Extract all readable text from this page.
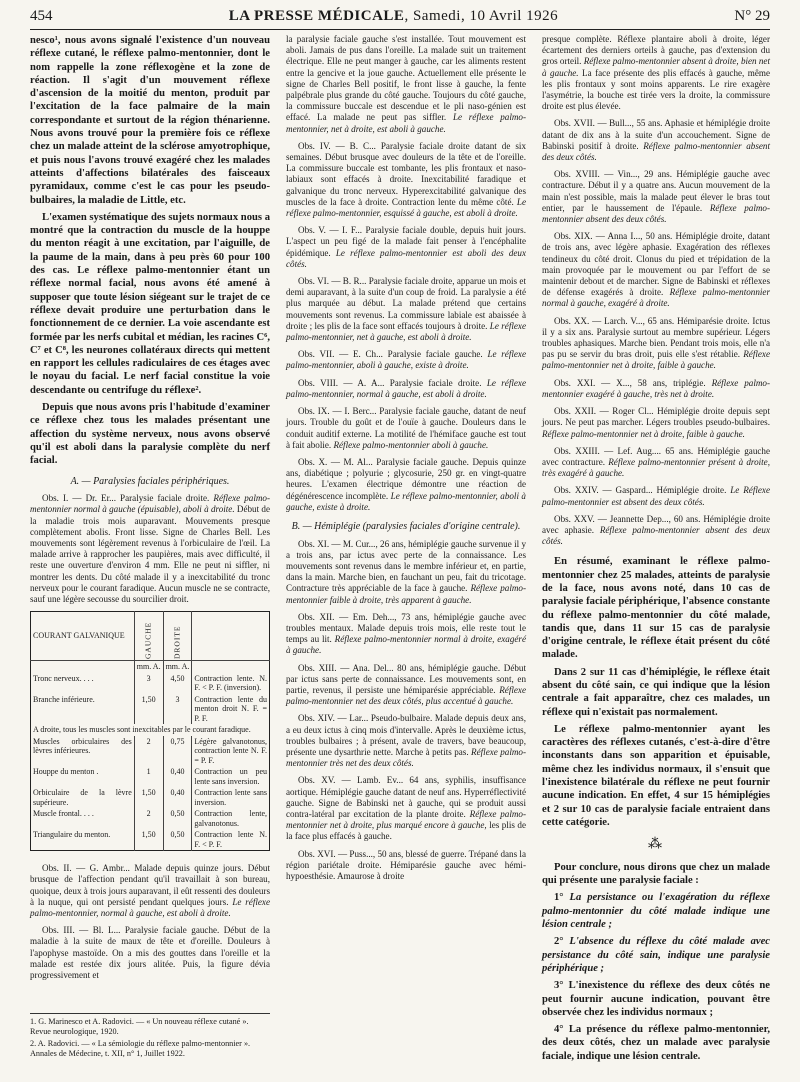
454	LA PRESSE MÉDICALE, Samedi, 10 Avril 1926	N° 29

nesco¹, nous avons signalé l'existence d'un nouveau réflexe cutané, le réflexe palmo-mentonnier, dont le nom rappelle la zone réflexogène et la zone de réaction. Il s'agit d'un mouvement réflexe d'ascension de la moitié du menton, produit par l'excitation de la face palmaire de la main correspondante et surtout de la région thénarienne. Nous avons trouvé pour la première fois ce réflexe chez un malade atteint de la sclérose amyotrophique, et puis nous l'avons trouvé exagéré chez les malades atteints d'affections bilatérales des faisceaux pyramidaux, comme c'est le cas pour les pseudo-bulbaires, la maladie de Little, etc.

L'examen systématique des sujets normaux nous a montré que la contraction du muscle de la houppe du menton réagit à une excitation, par l'aiguille, de la paume de la main, dans à peu près 60 pour 100 des cas. Le réflexe palmo-mentonnier étant un réflexe normal facial, nous avons été amené à supposer que toute lésion siégeant sur le trajet de ce réflexe devait produire une perturbation dans le fonctionnement de ce dernier. La voie ascendante est formée par les nerfs cubital et médian, les racines C⁶, C⁷ et C⁸, les neurones collatéraux directs qui mettent en rapport les cellules radiculaires de ces étages avec le noyau du facial. Le nerf facial constitue la voie descendante ou centrifuge du réflexe².

Depuis que nous avons pris l'habitude d'examiner ce réflexe chez tous les malades présentant une affection du système nerveux, nous avons observé qu'il est aboli dans la paralysie complète du nerf facial.

A. — Paralysies faciales périphériques.

Obs. I. — Dr. Er... Paralysie faciale droite. Réflexe palmo-mentonnier normal à gauche (épuisable), aboli à droite. Début de la maladie trois mois auparavant. Mouvements presque complètement abolis. Front lisse. Signe de Charles Bell. Les mouvements sont légèrement revenus à l'orbiculaire de l'œil. La malade arrive à rapprocher les paupières, mais avec difficulté, il reste une ouverture d'environ 4 mm. Elle ne peut ni siffler, ni montrer les dents. Du côté malade il y a inexcitabilité du tronc nerveux pour le courant faradique. Aucun muscle ne se contracte, sauf une légère secousse du sourcilier droit.

COURANT GALVANIQUE	GAUCHE	DROITE	
	mm. A.	mm. A.	
Tronc nerveux. . . .	3	4,50	Contraction lente. N. F. < P. F. (inversion).
Branche inférieure.	1,50	3	Contraction lente du menton droit N. F. = P. F.
A droite, tous les muscles sont inexcitables par le courant faradique.			
Muscles orbiculaires des lèvres inférieures.	2	0,75	Légère galvanotonus, contraction lente N. F. = P. F.
Houppe du menton .	1	0,40	Contraction un peu lente sans inversion.
Orbiculaire de la lèvre supérieure.	1,50	0,40	Contraction lente sans inversion.
Muscle frontal. . . .	2	0,50	Contraction lente, galvanotonus.
Triangulaire du menton.	1,50	0,50	Contraction lente N. F. < P. F.

Obs. II. — G. Ambr... Malade depuis quinze jours. Début brusque de l'affection pendant qu'il travaillait à son bureau, quoique, deux à trois jours auparavant, il eût ressenti des douleurs à la nuque, qui ont persisté pendant quelques jours. Le réflexe palmo-mentonnier, normal à gauche, est aboli à droite.

Obs. III. — Bl. L... Paralysie faciale gauche. Début de la maladie à la suite de maux de tête et d'oreille. Douleurs à l'apophyse mastoïde. On a mis des gouttes dans l'oreille et la malade est restée dix jours alitée. Puis, la figure dévia progressivement et

la paralysie faciale gauche s'est installée. Tout mouvement est aboli. Jamais de pus dans l'oreille. La malade suit un traitement électrique. Elle ne peut manger à gauche, car les aliments restent entre la gencive et la joue gauche. Actuellement elle présente le signe de Charles Bell positif, le front lisse à gauche, la fente palpébrale plus grande du côté gauche. Toujours du côté gauche, la commissure buccale est descendue et le pli naso-génien est effacé. La malade ne peut pas siffler. Le réflexe palmo-mentonnier, net à droite, est aboli à gauche.

Obs. IV. — B. C... Paralysie faciale droite datant de six semaines. Début brusque avec douleurs de la tête et de l'oreille. La commissure buccale est tombante, les plis frontaux et naso-labiaux sont effacés à droite. Inexcitabilité faradique et galvanique du tronc nerveux. Hyperexcitabilité galvanique des muscles de la face à droite. Contraction lente du même côté. Le réflexe palmo-mentonnier, esquissé à gauche, est aboli à droite.

Obs. V. — I. F... Paralysie faciale double, depuis huit jours. L'aspect un peu figé de la malade fait penser à l'encéphalite épidémique. Le réflexe palmo-mentonnier est aboli des deux côtés.

Obs. VI. — B. R... Paralysie faciale droite, apparue un mois et demi auparavant, à la suite d'un coup de froid. La paralysie a été plus marquée au début. La malade prétend que certains mouvements sont revenus. La commissure labiale est abaissée à droite ; les plis de la face sont effacés toujours à droite. Le réflexe palmo-mentonnier, net à gauche, est aboli à droite.

Obs. VII. — E. Ch... Paralysie faciale gauche. Le réflexe palmo-mentonnier, aboli à gauche, existe à droite.

Obs. VIII. — A. A... Paralysie faciale droite. Le réflexe palmo-mentonnier, normal à gauche, est aboli à droite.

Obs. IX. — I. Berc... Paralysie faciale gauche, datant de neuf jours. Trouble du goût et de l'ouïe à gauche. Douleurs dans le conduit auditif externe. La motilité de l'hémiface gauche est tout à fait abolie. Réflexe palmo-mentonnier aboli à gauche.

Obs. X. — M. Al... Paralysie faciale gauche. Depuis quinze ans, diabétique ; polyurie ; glycosurie, 250 gr. en vingt-quatre heures. L'examen électrique démontre une réaction de dégénérescence incomplète. Le réflexe palmo-mentonnier, aboli à gauche, existe à droite.

B. — Hémiplégie (paralysies faciales d'origine centrale).

Obs. XI. — M. Cur..., 26 ans, hémiplégie gauche survenue il y a trois ans, par ictus avec perte de la connaissance. Les mouvements sont revenus dans le membre inférieur et, en partie, dans la main. Marche bien, en fauchant un peu, fait du tricotage. Contracture très appréciable de la face à gauche. Réflexe palmo-mentonnier faible à droite, très apparent à gauche.

Obs. XII. — Em. Deh..., 73 ans, hémiplégie gauche avec troubles mentaux. Malade depuis trois mois, elle reste tout le temps au lit. Réflexe palmo-mentonnier normal à droite, exagéré à gauche.

Obs. XIII. — Ana. Del... 80 ans, hémiplégie gauche. Début par ictus sans perte de connaissance. Les mouvements sont, en partie, revenus, il persiste une hémiparésie appréciable. Réflexe palmo-mentonnier net des deux côtés, plus accentué à gauche.

Obs. XIV. — Lar... Pseudo-bulbaire. Malade depuis deux ans, a eu deux ictus à cinq mois d'intervalle. Après le deuxième ictus, troubles bulbaires ; à présent, avale de travers, bave beaucoup, présente une dysarthrie nette. Marche à petits pas. Réflexe palmo-mentonnier très net des deux côtés.

Obs. XV. — Lamb. Ev... 64 ans, syphilis, insuffisance aortique. Hémiplégie gauche datant de neuf ans. Hyperréflectivité gauche. Signe de Babinski net à gauche, qui se produit aussi contra-latéral par excitation de la plante droite. Réflexe palmo-mentonnier net à droite, plus marqué encore à gauche, les plis de la face plus effacés à gauche.

Obs. XVI. — Puss..., 50 ans, blessé de guerre. Trépané dans la région pariétale droite. Hémiparésie gauche avec hémi-hypoesthésie. Amaurose à droite

presque complète. Réflexe plantaire aboli à droite, léger écartement des derniers orteils à gauche, pas d'extension du gros orteil. Réflexe palmo-mentonnier absent à droite, bien net à gauche. La face présente des plis effacés à gauche, même les plis frontaux y sont moins apparents. Le rire exagère l'asymétrie, la bouche est tirée vers la droite, la commissure droite est plus élevée.

Obs. XVII. — Bull..., 55 ans. Aphasie et hémiplégie droite datant de dix ans à la suite d'un accouchement. Signe de Babinski positif à droite. Réflexe palmo-mentonnier absent des deux côtés.

Obs. XVIII. — Vin..., 29 ans. Hémiplégie gauche avec contracture. Début il y a quatre ans. Aucun mouvement de la main n'est possible, mais la malade peut élever le bras tout entier, par le haussement de l'épaule. Réflexe palmo-mentonnier absent des deux côtés.

Obs. XIX. — Anna I..., 50 ans. Hémiplégie droite, datant de trois ans, avec légère aphasie. Exagération des réflexes tendineux du côté droit. Clonus du pied et trépidation de la main provoquée par le mouvement ou par l'effort de se maintenir debout et de marcher. Signe de Babinski et réflexes de défense exagérés à droite. Réflexe palmo-mentonnier normal à gauche, exagéré à droite.

Obs. XX. — Larch. V..., 65 ans. Hémiparésie droite. Ictus il y a six ans. Paralysie surtout au membre supérieur. Légers troubles aphasiques. Marche bien. Pendant trois mois, elle n'a pas pu se servir du bras droit, puis elle s'est rétablie. Réflexe palmo-mentonnier net à droite, faible à gauche.

Obs. XXI. — X..., 58 ans, triplégie. Réflexe palmo-mentonnier exagéré à gauche, très net à droite.

Obs. XXII. — Roger Cl... Hémiplégie droite depuis sept jours. Ne peut pas marcher. Légers troubles pseudo-bulbaires. Réflexe palmo-mentonnier net à droite, faible à gauche.

Obs. XXIII. — Lef. Aug.... 65 ans. Hémiplégie gauche avec contracture. Réflexe palmo-mentonnier présent à droite, très exagéré à gauche.

Obs. XXIV. — Gaspard... Hémiplégie droite. Le Réflexe palmo-mentonnier est absent des deux côtés.

Obs. XXV. — Jeannette Dep..., 60 ans. Hémiplégie droite avec aphasie. Réflexe palmo-mentonnier absent des deux côtés.

En résumé, examinant le réflexe palmo-mentonnier chez 25 malades, atteints de paralysie de la face, nous avons noté, dans 10 cas de paralysie faciale périphérique, l'absence constante du réflexe palmo-mentonnier du côté malade, tandis que, dans 11 sur 15 cas de paralysie d'origine centrale, le réflexe était présent du côté malade.

Dans 2 sur 11 cas d'hémiplégie, le réflexe était absent du côté sain, ce qui indique que la lésion centrale a fait apparaître, chez ces malades, un réflexe qui n'existait pas normalement.

Le réflexe palmo-mentonnier ayant les caractères des réflexes cutanés, c'est-à-dire d'être inconstants dans son apparition et épuisable, même chez les individus normaux, il s'ensuit que l'inexistence bilatérale du réflexe ne peut fournir aucune indication. En effet, 4 sur 15 hémiplégies et 2 sur 10 cas de paralysie faciale entraient dans cette catégorie.

⁂

Pour conclure, nous dirons que chez un malade qui présente une paralysie faciale :

1° La persistance ou l'exagération du réflexe palmo-mentonnier du côté malade indique une lésion centrale ;

2° L'absence du réflexe du côté malade avec persistance du côté sain, indique une paralysie périphérique ;

3° L'inexistence du réflexe des deux côtés ne peut fournir aucune indication, pouvant être observée chez les individus normaux ;

4° La présence du réflexe palmo-mentonnier, des deux côtés, chez un malade avec paralysie faciale, indique une lésion centrale.

1. G. Marinesco et A. Radovici. — « Un nouveau réflexe cutané ». Revue neurologique, 1920.
2. A. Radovici. — « La sémiologie du réflexe palmo-mentonnier ». Annales de Médecine, t. XII, n° 1, Juillet 1922.
